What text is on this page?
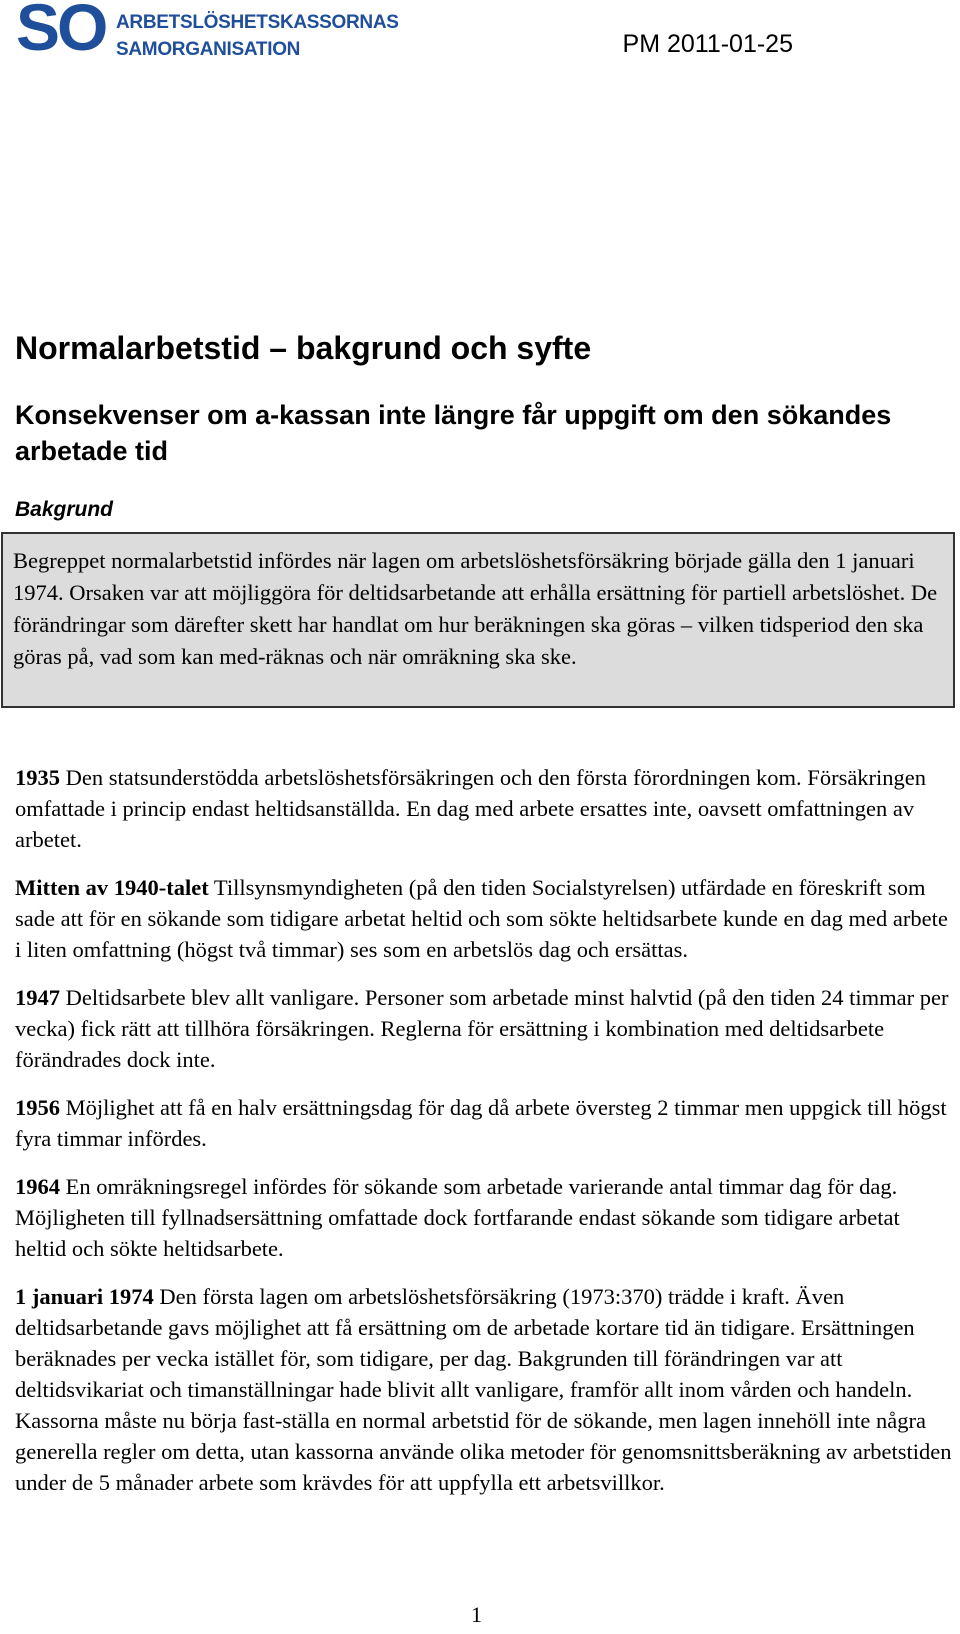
SO ARBETSLÖSHETSKASSORNAS
SAMORGANISATION	PM 2011-01-25
Normalarbetstid – bakgrund och syfte
Konsekvenser om a-kassan inte längre får uppgift om den sökandes arbetade tid
Bakgrund

Begreppet normalarbetstid infördes när lagen om arbetslöshetsförsäkring började gälla den 1 januari 1974. Orsaken var att möjliggöra för deltidsarbetande att erhålla ersättning för partiell arbetslöshet. De förändringar som därefter skett har handlat om hur beräkningen ska göras – vilken tidsperiod den ska göras på, vad som kan med-räknas och när omräkning ska ske.

1935 Den statsunderstödda arbetslöshetsförsäkringen och den första förordningen kom. Försäkringen omfattade i princip endast heltidsanställda. En dag med arbete ersattes inte, oavsett omfattningen av arbetet.

Mitten av 1940-talet Tillsynsmyndigheten (på den tiden Socialstyrelsen) utfärdade en föreskrift som sade att för en sökande som tidigare arbetat heltid och som sökte heltidsarbete kunde en dag med arbete i liten omfattning (högst två timmar) ses som en arbetslös dag och ersättas.

1947 Deltidsarbete blev allt vanligare. Personer som arbetade minst halvtid (på den tiden 24 timmar per vecka) fick rätt att tillhöra försäkringen. Reglerna för ersättning i kombination med deltidsarbete förändrades dock inte.

1956 Möjlighet att få en halv ersättningsdag för dag då arbete översteg 2 timmar men uppgick till högst fyra timmar infördes.

1964 En omräkningsregel infördes för sökande som arbetade varierande antal timmar dag för dag. Möjligheten till fyllnadsersättning omfattade dock fortfarande endast sökande som tidigare arbetat heltid och sökte heltidsarbete.

1 januari 1974 Den första lagen om arbetslöshetsförsäkring (1973:370) trädde i kraft. Även deltidsarbetande gavs möjlighet att få ersättning om de arbetade kortare tid än tidigare. Ersättningen beräknades per vecka istället för, som tidigare, per dag. Bakgrunden till förändringen var att deltidsvikariat och timanställningar hade blivit allt vanligare, framför allt inom vården och handeln. Kassorna måste nu börja fast-ställa en normal arbetstid för de sökande, men lagen innehöll inte några generella regler om detta, utan kassorna använde olika metoder för genomsnittsberäkning av arbetstiden under de 5 månader arbete som krävdes för att uppfylla ett arbetsvillkor.

1
